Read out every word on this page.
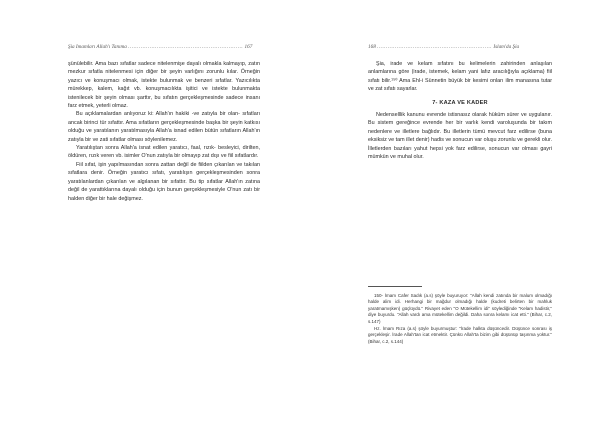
Şia İmamları Allah'ı Tanıma ................................................................ 167

şünülebilir. Ama bazı sıfatlar sadece nitelenmişe dayalı olmakla kalmayıp, zatın mezkur sıfatla nitelenmesi için diğer bir şeyin varlığını zorunlu kılar. Örneğin yazıcı ve konuşmacı olmak, istekte bulunmak ve benzeri sıfatlar. Yazıcılıkta mürekkep, kalem, kağıt vb. konuşmacılıkta işitici ve istekte bulunmakta istenilecek bir şeyin olması şarttır, bu sıfatın gerçekleşmesinde sadece insanı farz etmek, yeterli olmaz.

Bu açıklamalardan anlıyoruz ki: Allah'ın hakiki -ve zatıyla bir olan- sıfatları ancak birinci tür sıfattır. Ama sıfatların gerçekleşmesinde başka bir şeyin katkısı olduğu ve yaratılanın yaratılmasıyla Allah'a isnad edilen bütün sıfatların Allah'ın zatıyla bir ve zati sıfatlar olması söylenilemez.

Yaratılıştan sonra Allah'a isnat edilen yaratıcı, faal, rızık- besleyici, dirilten, öldüren, rızık veren vb. isimler O'nun zatıyla bir olmayıp zat dışı ve fiil sıfatlardır.

Fiil sıfat, işin yapılmasından sonra zattan değil de fiilden çıkarılan ve takılan sıfatlara denir. Örneğin yaratıcı sıfatı, yaratılışın gerçekleşmesinden sonra yaratılanlardan çıkarılan ve algılanan bir sıfattır. Bu tip sıfatlar Allah'ın zatına değil de yarattıklarına dayalı olduğu için bunun gerçekleşmesiyle O'nun zatı bir halden diğer bir hale değişmez.

168 ................................................................ İslam'da Şia

Şia, irade ve kelam sıfatını bu kelimelerin zahirinden anlaşılan anlamlarına göre (irade, istemek, kelam yani lafız aracılığıyla açıklama) fiil sıfatı bilir.¹⁵⁰ Ama Ehl-i Sünnetin büyük bir kesimi onları ilim manasına tutar ve zat sıfatı sayarlar.

7- KAZA VE KADER

Nedenselllik kanunu evrende istisnasız olarak hüküm sürer ve uygulanır. Bu sistem gereğince evrende her bir varlık kendi varoluşunda bir takım nedenlere ve illetlere bağlıdır. Bu illetlerin tümü mevcut farz edilirse (buna eksiksiz ve tam illet denir) hadis ve sonucun var oluşu zorunlu ve gerekli olur. İlletlerden bazıları yahut hepsi yok farz edilirse, sonucun var olması gayri mümkün ve muhal olur.

150- İmam Cafer Sadık (a.s) şöyle buyuruyor: "Allah kendi zatında bir malum olmadığı halde alim idi. Herhangi bir mağdur olmadığı halde (kudreti belirten bir mahluk yaratmamışken) güçlüydü." Rivayet eden "O Mütekellim idi" söylediğinde "Kelam hadistir," diye buyurdu. "Allah vardı ama mütekellim değildi. Daha sonra kelamı icat etti." (Bihar, c.2, s.147)

Hz. İmam Rıza (a.s) şöyle buyurmuştur: "İrade halkta düşüncedir. Düşünce sonrası iş gerçekleşir. İrade Allah'tan icat etmektir. Çünkü Allah'ta bizim gibi düşünüp taşınma yoktur." (Bihar, c.2, s.144)
